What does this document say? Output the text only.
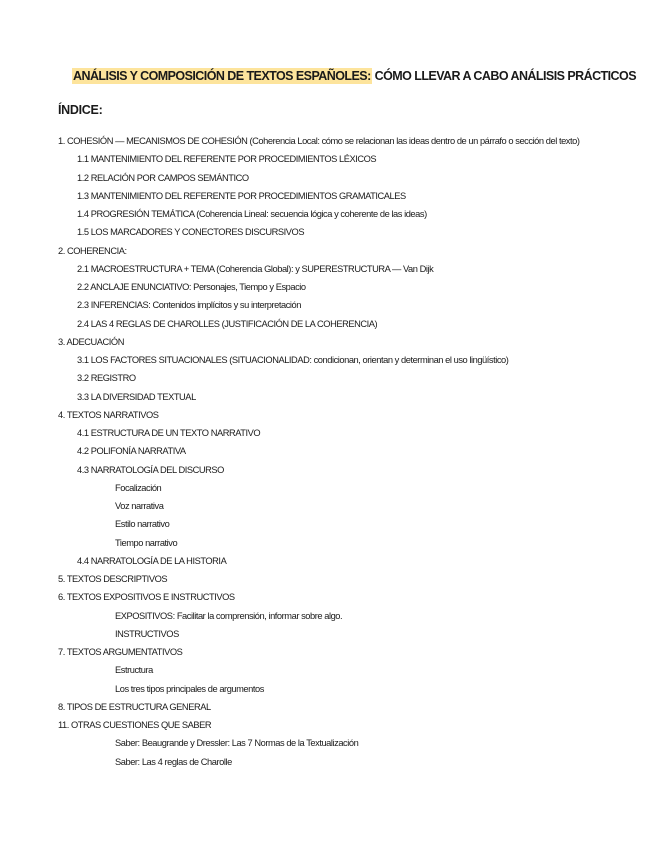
ANÁLISIS Y COMPOSICIÓN DE TEXTOS ESPAÑOLES: CÓMO LLEVAR A CABO ANÁLISIS PRÁCTICOS
ÍNDICE:
1. COHESIÓN — MECANISMOS DE COHESIÓN (Coherencia Local: cómo se relacionan las ideas dentro de un párrafo o sección del texto)
1.1 MANTENIMIENTO DEL REFERENTE POR PROCEDIMIENTOS LÉXICOS
1.2 RELACIÓN POR CAMPOS SEMÁNTICO
1.3 MANTENIMIENTO DEL REFERENTE POR PROCEDIMIENTOS GRAMATICALES
1.4 PROGRESIÓN TEMÁTICA (Coherencia Lineal: secuencia lógica y coherente de las ideas)
1.5 LOS MARCADORES Y CONECTORES DISCURSIVOS
2. COHERENCIA:
2.1 MACROESTRUCTURA + TEMA (Coherencia Global): y SUPERESTRUCTURA — Van Dijk
2.2 ANCLAJE ENUNCIATIVO: Personajes, Tiempo y Espacio
2.3 INFERENCIAS: Contenidos implícitos y su interpretación
2.4 LAS 4 REGLAS DE CHAROLLES (JUSTIFICACIÓN DE LA COHERENCIA)
3. ADECUACIÓN
3.1 LOS FACTORES SITUACIONALES (SITUACIONALIDAD: condicionan, orientan y determinan el uso lingüístico)
3.2 REGISTRO
3.3 LA DIVERSIDAD TEXTUAL
4. TEXTOS NARRATIVOS
4.1 ESTRUCTURA DE UN TEXTO NARRATIVO
4.2 POLIFONÍA NARRATIVA
4.3 NARRATOLOGÍA DEL DISCURSO
Focalización
Voz narrativa
Estilo narrativo
Tiempo narrativo
4.4 NARRATOLOGÍA DE LA HISTORIA
5. TEXTOS DESCRIPTIVOS
6. TEXTOS EXPOSITIVOS E INSTRUCTIVOS
EXPOSITIVOS: Facilitar la comprensión, informar sobre algo.
INSTRUCTIVOS
7. TEXTOS ARGUMENTATIVOS
Estructura
Los tres tipos principales de argumentos
8. TIPOS DE ESTRUCTURA GENERAL
11. OTRAS CUESTIONES QUE SABER
Saber: Beaugrande y Dressler: Las 7 Normas de la Textualización
Saber: Las 4 reglas de Charolle
